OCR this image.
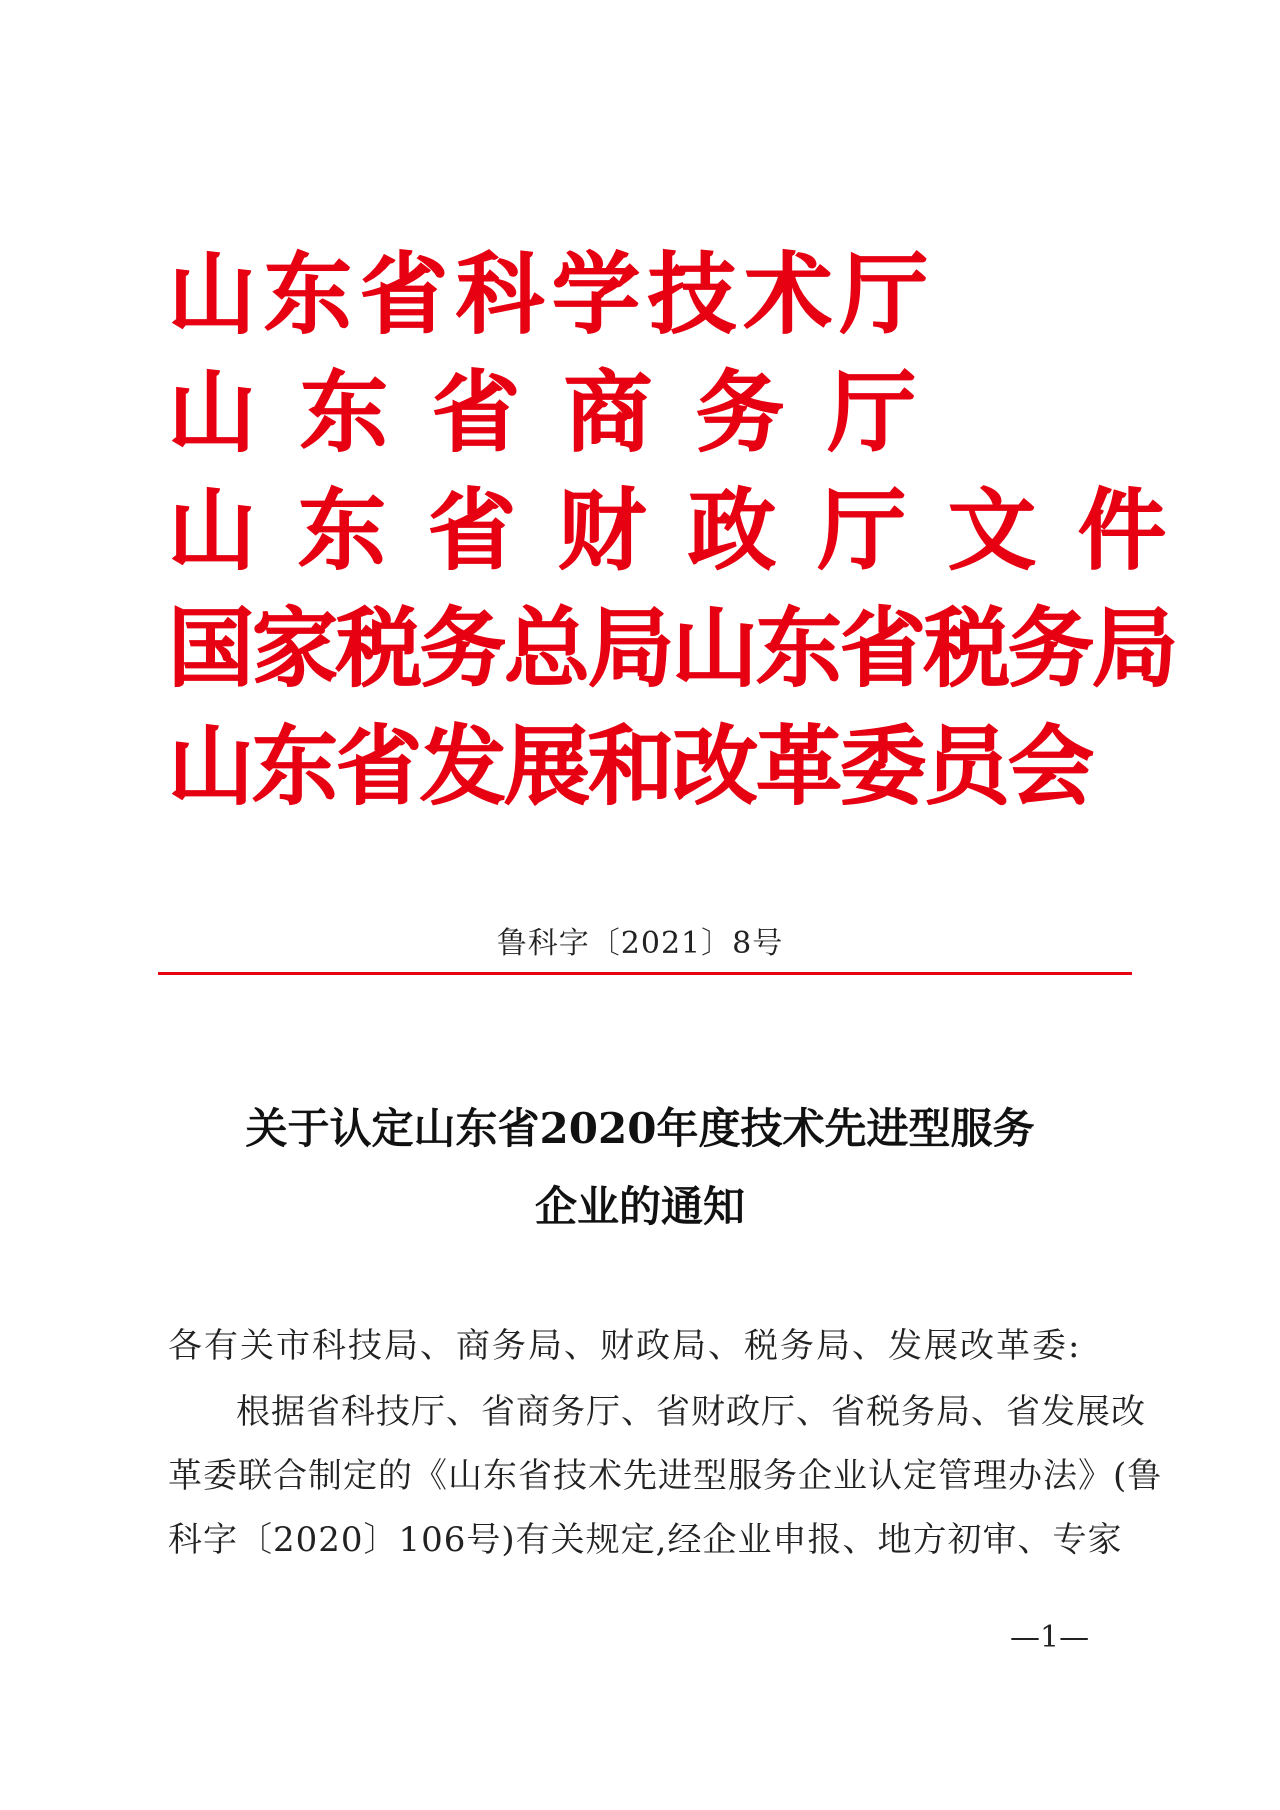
山东省科学技术厅
山东省商务厅
山东省财政厅文件
国家税务总局山东省税务局
山东省发展和改革委员会
鲁科字〔2021〕8号
关于认定山东省2020年度技术先进型服务
企业的通知
各有关市科技局、商务局、财政局、税务局、发展改革委:
根据省科技厅、省商务厅、省财政厅、省税务局、省发展改
革委联合制定的《山东省技术先进型服务企业认定管理办法》(鲁
科字〔2020〕106号)有关规定,经企业申报、地方初审、专家
—1—
